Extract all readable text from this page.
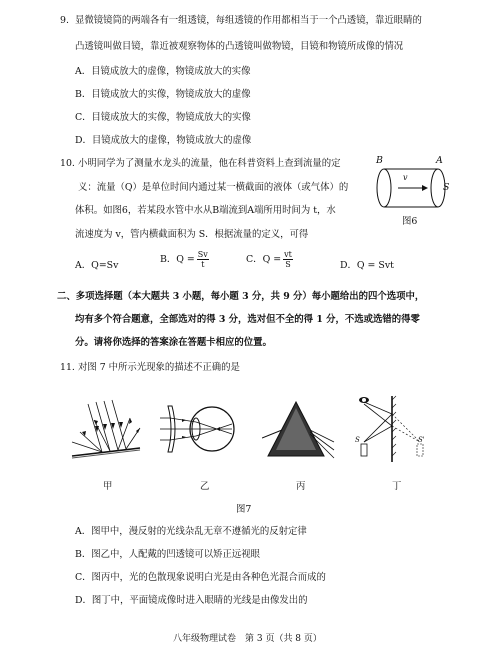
9. 显微镜镜筒的两端各有一组透镜，每组透镜的作用都相当于一个凸透镜，靠近眼睛的
凸透镜叫做目镜，靠近被观察物体的凸透镜叫做物镜，目镜和物镜所成像的情况
A．目镜成放大的虚像，物镜成放大的实像
B．目镜成放大的实像，物镜成放大的虚像
C．目镜成放大的实像，物镜成放大的实像
D．目镜成放大的虚像，物镜成放大的虚像
10. 小明同学为了测量水龙头的流量，他在科普资料上查到流量的定
义：流量（Q）是单位时间内通过某一横截面的液体（或气体）的
体积。如图6，若某段水管中水从B端流到A端所用时间为 t，水
流速度为 v，管内横截面积为 S．根据流量的定义，可得
B	A
v
S
图6
A．Q=Sv
B．$Q = \frac{Sv}{t}$	C．$Q = \frac{vt}{S}$	D．Q = Svt
二、多项选择题（本大题共 3 小题，每小题 3 分，共 9 分）每小题给出的四个选项中，
均有多个符合题意，全部选对的得 3 分，选对但不全的得 1 分，不选或选错的得零
分。请将你选择的答案涂在答题卡相应的位置。
11. 对图 7 中所示光现象的描述不正确的是
S	S'
甲	乙	丙	丁
图7
A．图甲中，漫反射的光线杂乱无章不遵循光的反射定律
B．图乙中，人配戴的凹透镜可以矫正远视眼
C．图丙中，光的色散现象说明白光是由各种色光混合而成的
D．图丁中，平面镜成像时进入眼睛的光线是由像发出的
八年级物理试卷　第 3 页（共 8 页）
